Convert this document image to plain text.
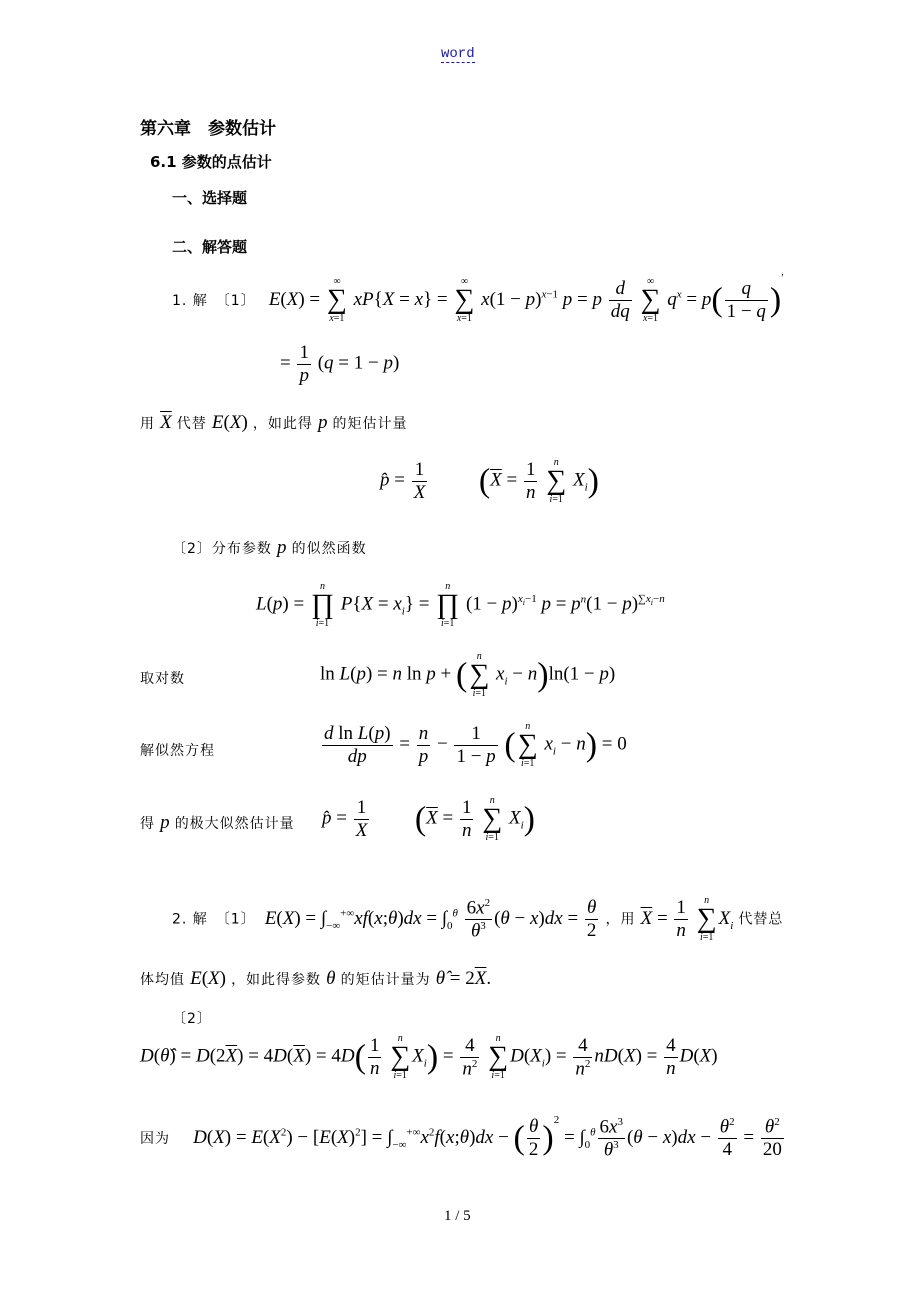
word
第六章　参数估计
6.1 参数的点估计
一、选择题
二、解答题
1. 解　〔1〕 E(X) =
∞
∑
x=1
xP{X = x} =
∞
∑
x=1
$x(1 - p)^{x-1}$ p = p $\frac{d}{dq}$
	∞
∑
x=1
$q^x = p( \frac{q}{1 - q} )'$
= $\frac{1}{p} (q = 1 - p)$
用 $\overline{X}$ 代替 E(X) ，如此得 p 的矩估计量
p̂ = $\frac{1}{X} (\overline{X} = \frac{1}{n}$
	n
∑
i=1
$X_i$)
〔2〕分布参数 p 的似然函数
L(p) =
n
∏
i=1
$P\{X = x_i\}$ =
n
∏
i=1
$(1 - p)^{x_i-1}$ $p = p^n(1 - p)^{\sum x_i-n}$
取对数	ln L(p) = n ln p + ( n
∑
i=1
$x_i - n)\ln(1 - p)$
解似然方程	$\frac{\text{d ln L(p)}}{dp} = \frac{n}{p} - \frac{1}{1 - p}$ ( n
∑
i=1
$x_i - n) = 0$
得 p 的极大似然估计量 p̂ = $\frac{1}{X} (\overline{X} = \frac{1}{n}$
	n
∑
i=1
$X_i$)
2. 解　〔1〕 $E(X) = \int_{-\infty}^{+\infty}xf(x;\theta)dx = \int_0^\theta \frac{6x^2}{\theta^3} (\theta - x)dx = \frac{\theta}{2}$ ，用 $\overline{X} = \frac{1}{n}$
	n
∑
i=1
$X_i$ 代替总
体均值 E(X) ，如此得参数 θ 的矩估计量为 θ̂ = $2\overline{X}$.
〔2〕
D(θ̂) = $D(2\overline{X}) = 4D(\overline{X}) = 4D( \frac{1}{n}$
	n
∑
i=1
$X_i) = \frac{4}{n^2}$
	n
∑
i=1
$D(X_i) = \frac{4}{n^2} nD(X) = \frac{4}{n} D(X)$
因为 $D(X) = E(X^2) - [E(X)^2]$ = $\int_{-\infty}^{+\infty}x^2f(x;\theta)dx$ − ( $\frac{\theta}{2} )^2 = \int_0^\theta \frac{6x^3}{\theta^3} (\theta - x)dx - \frac{\theta^2}{4} = \frac{\theta^2}{20}$
1 / 5
